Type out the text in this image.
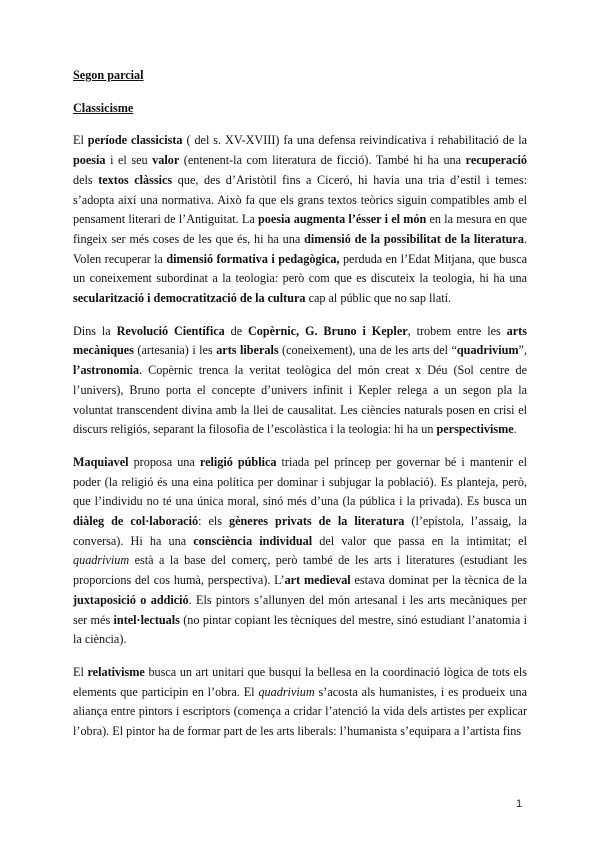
Segon parcial
Classicisme

El període classicista ( del s. XV-XVIII) fa una defensa reivindicativa i rehabilitació de la poesia i el seu valor (entenent-la com literatura de ficció). També hi ha una recuperació dels textos clàssics que, des d’Aristòtil fins a Ciceró, hi havia una tria d’estil i temes: s’adopta així una normativa. Això fa que els grans textos teòrics siguin compatibles amb el pensament literari de l’Antiguitat. La poesia augmenta l’ésser i el món en la mesura en que fingeix ser més coses de les que és, hi ha una dimensió de la possibilitat de la literatura. Volen recuperar la dimensió formativa i pedagògica, perduda en l’Edat Mitjana, que busca un coneixement subordinat a la teologia: però com que es discuteix la teologia, hi ha una secularització i democratització de la cultura cap al públic que no sap llatí.

Dins la Revolució Científica de Copèrnic, G. Bruno i Kepler, trobem entre les arts mecàniques (artesania) i les arts liberals (coneixement), una de les arts del “quadrivium”, l’astronomia. Copèrnic trenca la veritat teològica del món creat x Déu (Sol centre de l’univers), Bruno porta el concepte d’univers infinit i Kepler relega a un segon pla la voluntat transcendent divina amb la llei de causalitat. Les ciències naturals posen en crisi el discurs religiós, separant la filosofia de l’escolàstica i la teologia: hi ha un perspectivisme.

Maquiavel proposa una religió pública triada pel príncep per governar bé i mantenir el poder (la religió és una eina política per dominar i subjugar la població). Es planteja, però, que l’individu no té una única moral, sinó més d’una (la pública i la privada). Es busca un diàleg de col·laboració: els gèneres privats de la literatura (l’epístola, l’assaig, la conversa). Hi ha una consciència individual del valor que passa en la intimitat; el quadrivium està a la base del comerç, però també de les arts i literatures (estudiant les proporcions del cos humà, perspectiva). L’art medieval estava dominat per la tècnica de la juxtaposició o addició. Els pintors s’allunyen del món artesanal i les arts mecàniques per ser més intel·lectuals (no pintar copiant les tècniques del mestre, sinó estudiant l’anatomia i la ciència).

El relativisme busca un art unitari que busqui la bellesa en la coordinació lògica de tots els elements que participin en l’obra. El quadrivium s’acosta als humanistes, i es produeix una aliança entre pintors i escriptors (comença a cridar l’atenció la vida dels artistes per explicar l’obra). El pintor ha de formar part de les arts liberals: l’humanista s’equipara a l’artista fins

1
